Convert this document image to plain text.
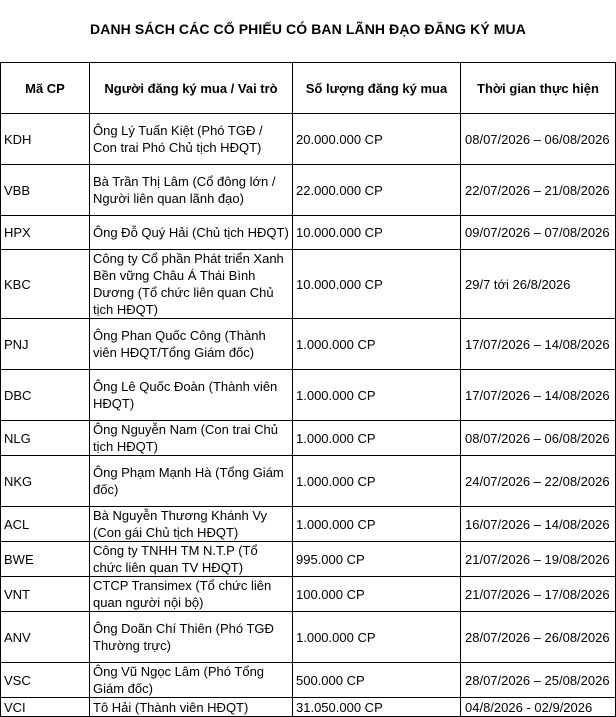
DANH SÁCH CÁC CỔ PHIẾU CÓ BAN LÃNH ĐẠO ĐĂNG KÝ MUA
Mã CP	Người đăng ký mua / Vai trò	Số lượng đăng ký mua	Thời gian thực hiện
KDH	Ông Lý Tuấn Kiệt (Phó TGĐ / Con trai Phó Chủ tịch HĐQT)	20.000.000 CP	08/07/2026 – 06/08/2026
VBB	Bà Trần Thị Lâm (Cổ đông lớn / Người liên quan lãnh đạo)	22.000.000 CP	22/07/2026 – 21/08/2026
HPX	Ông Đỗ Quý Hải (Chủ tịch HĐQT)	10.000.000 CP	09/07/2026 – 07/08/2026
KBC	Công ty Cổ phần Phát triển Xanh Bền vững Châu Á Thái Bình Dương (Tổ chức liên quan Chủ tịch HĐQT)	10.000.000 CP	29/7 tới 26/8/2026
PNJ	Ông Phan Quốc Công (Thành viên HĐQT/Tổng Giám đốc)	1.000.000 CP	17/07/2026 – 14/08/2026
DBC	Ông Lê Quốc Đoàn (Thành viên HĐQT)	1.000.000 CP	17/07/2026 – 14/08/2026
NLG	Ông Nguyễn Nam (Con trai Chủ tịch HĐQT)	1.000.000 CP	08/07/2026 – 06/08/2026
NKG	Ông Phạm Mạnh Hà (Tổng Giám đốc)	1.000.000 CP	24/07/2026 – 22/08/2026
ACL	Bà Nguyễn Thương Khánh Vy (Con gái Chủ tịch HĐQT)	1.000.000 CP	16/07/2026 – 14/08/2026
BWE	Công ty TNHH TM N.T.P (Tổ chức liên quan TV HĐQT)	995.000 CP	21/07/2026 – 19/08/2026
VNT	CTCP Transimex (Tổ chức liên quan người nội bộ)	100.000 CP	21/07/2026 – 17/08/2026
ANV	Ông Doãn Chí Thiên (Phó TGĐ Thường trực)	1.000.000 CP	28/07/2026 – 26/08/2026
VSC	Ông Vũ Ngọc Lâm (Phó Tổng Giám đốc)	500.000 CP	28/07/2026 – 25/08/2026
VCI	Tô Hải (Thành viên HĐQT)	31.050.000 CP	04/8/2026 - 02/9/2026
